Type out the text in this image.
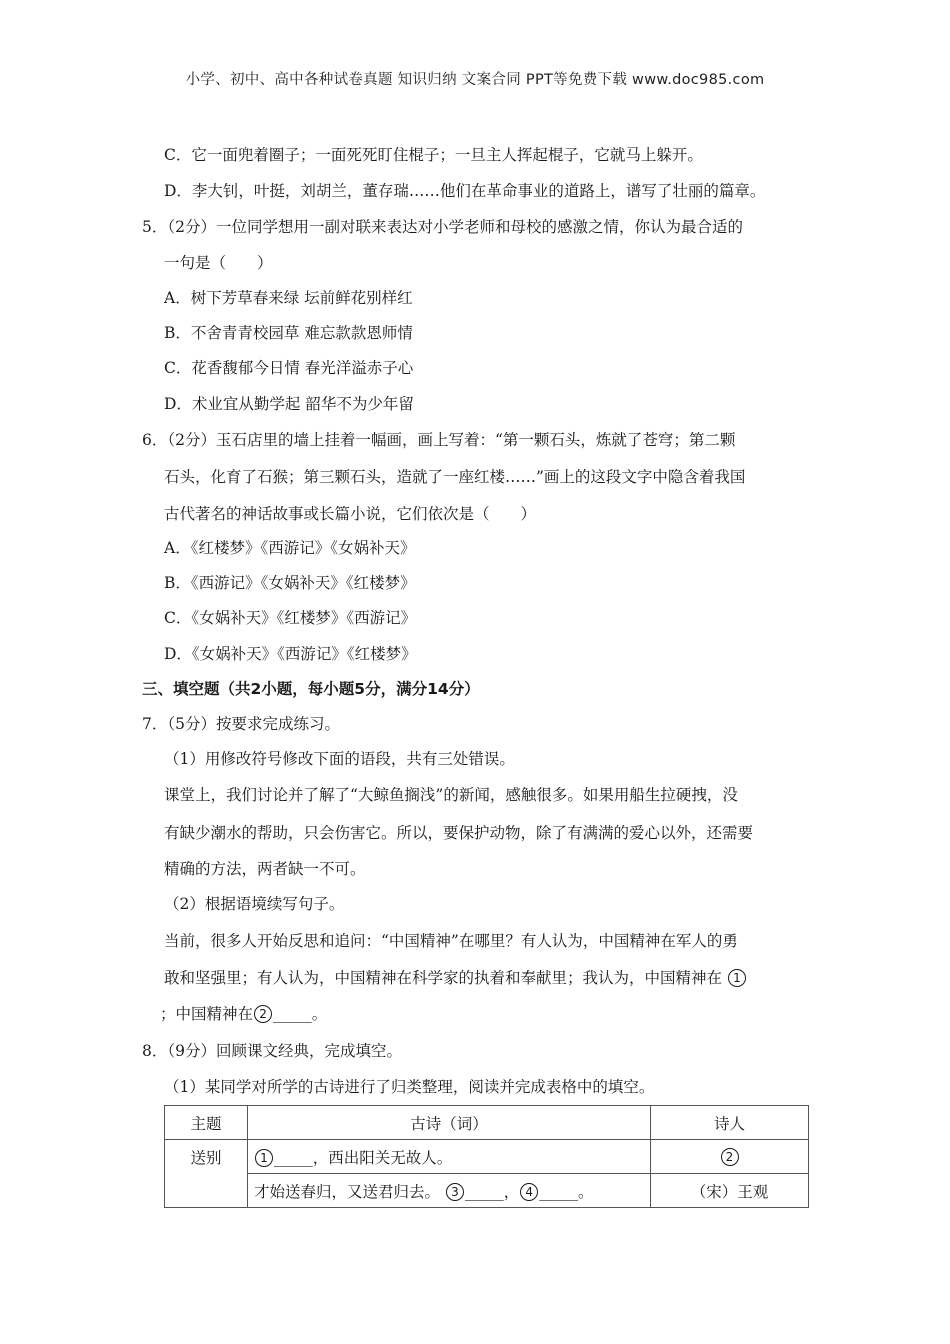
小学、初中、高中各种试卷真题 知识归纳 文案合同 PPT等免费下载 www.doc985.com
C．它一面兜着圈子；一面死死盯住棍子；一旦主人挥起棍子，它就马上躲开。
D．李大钊，叶挺，刘胡兰，董存瑞……他们在革命事业的道路上，谱写了壮丽的篇章。
5．（2分）一位同学想用一副对联来表达对小学老师和母校的感激之情，你认为最合适的
一句是（　　）
A．树下芳草春来绿 坛前鲜花别样红
B．不舍青青校园草 难忘款款恩师情
C．花香馥郁今日情 春光洋溢赤子心
D．术业宜从勤学起 韶华不为少年留
6．（2分）玉石店里的墙上挂着一幅画，画上写着：“第一颗石头，炼就了苍穹；第二颗
石头，化育了石猴；第三颗石头，造就了一座红楼……”画上的这段文字中隐含着我国
古代著名的神话故事或长篇小说，它们依次是（　　）
A．《红楼梦》《西游记》《女娲补天》
B．《西游记》《女娲补天》《红楼梦》
C．《女娲补天》《红楼梦》《西游记》
D．《女娲补天》《西游记》《红楼梦》
三、填空题（共2小题，每小题5分，满分14分）
7．（5分）按要求完成练习。
（1）用修改符号修改下面的语段，共有三处错误。
课堂上，我们讨论并了解了“大鲸鱼搁浅”的新闻，感触很多。如果用船生拉硬拽，没
有缺少潮水的帮助，只会伤害它。所以，要保护动物，除了有满满的爱心以外，还需要
精确的方法，两者缺一不可。
（2）根据语境续写句子。
当前，很多人开始反思和追问：“中国精神”在哪里？有人认为，中国精神在军人的勇
敢和坚强里；有人认为，中国精神在科学家的执着和奉献里；我认为，中国精神在 1
；中国精神在 2 _____。
8．（9分）回顾课文经典，完成填空。
（1）某同学对所学的古诗进行了归类整理，阅读并完成表格中的填空。
主题	古诗（词）	诗人
送别	1 _____，西出阳关无故人。	2
	才始送春归，又送君归去。 3 _____， 4 _____。	（宋）王观
